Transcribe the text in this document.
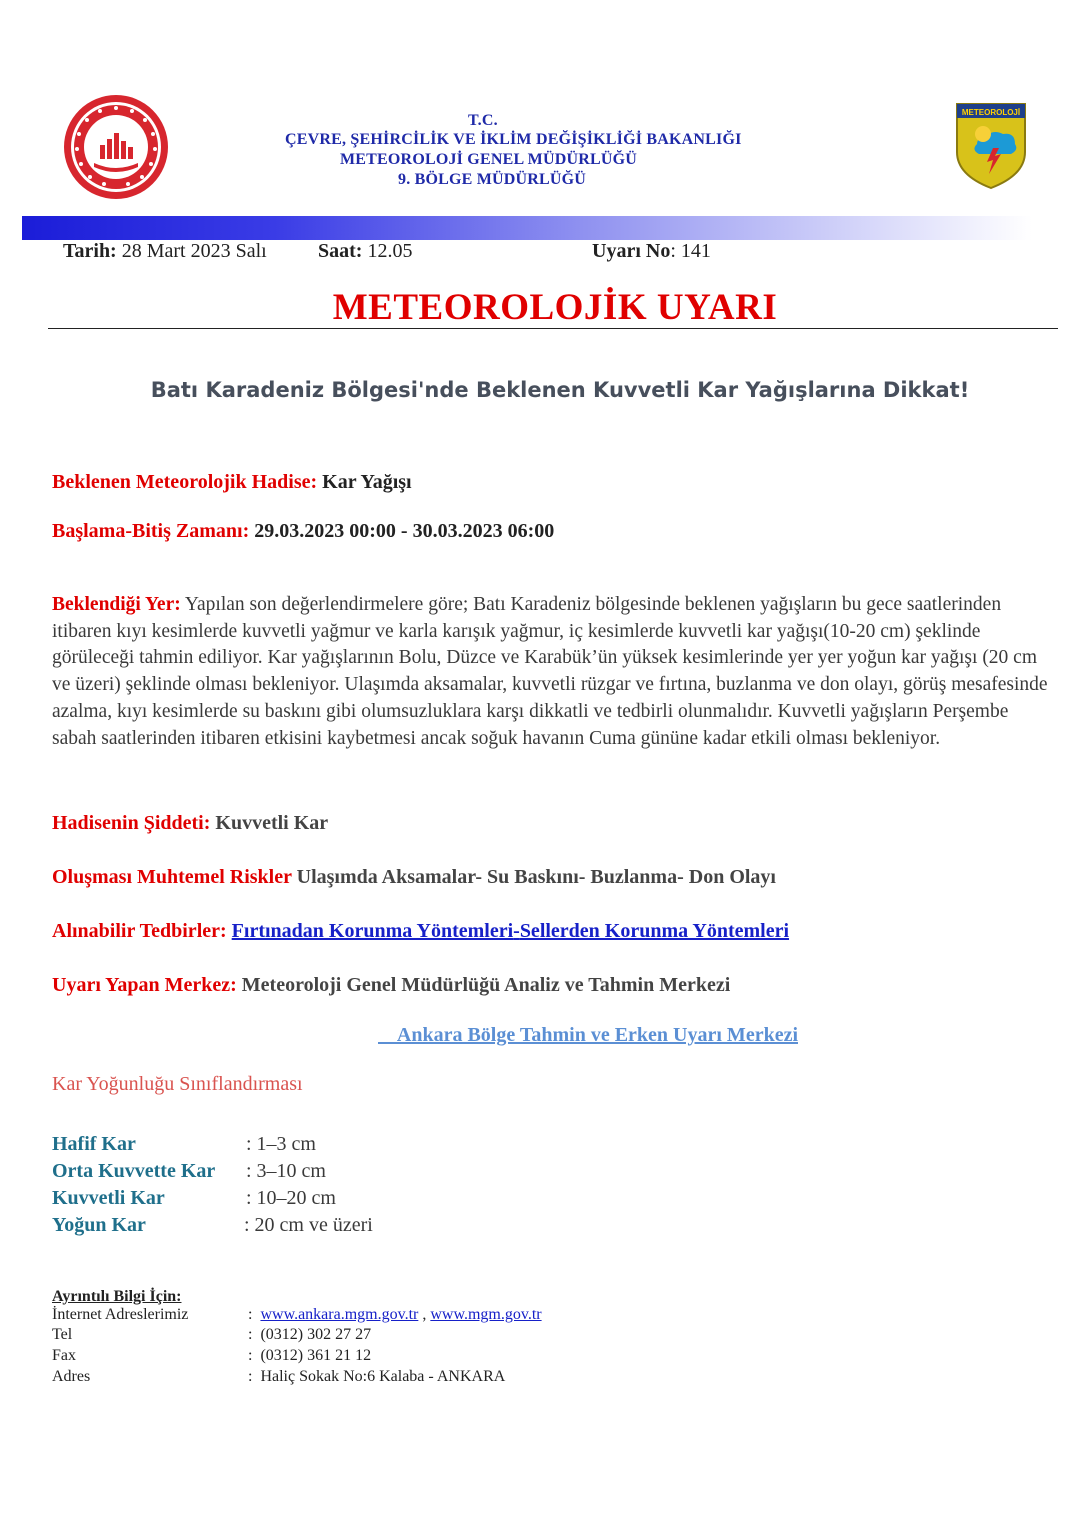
T.C.
ÇEVRE, ŞEHİRCİLİK VE İKLİM DEĞİŞİKLİĞİ BAKANLIĞI
METEOROLOJİ GENEL MÜDÜRLÜĞÜ
9. BÖLGE MÜDÜRLÜĞÜ
METEOROLOJİ
Tarih: 28 Mart 2023 Salı	Saat: 12.05	Uyarı No: 141
METEOROLOJİK UYARI
Batı Karadeniz Bölgesi'nde Beklenen Kuvvetli Kar Yağışlarına Dikkat!
Beklenen Meteorolojik Hadise: Kar Yağışı
Başlama-Bitiş Zamanı: 29.03.2023 00:00 - 30.03.2023 06:00
Beklendiği Yer: Yapılan son değerlendirmelere göre; Batı Karadeniz bölgesinde beklenen yağışların bu gece saatlerinden itibaren kıyı kesimlerde kuvvetli yağmur ve karla karışık yağmur, iç kesimlerde kuvvetli kar yağışı(10-20 cm) şeklinde görüleceği tahmin ediliyor. Kar yağışlarının Bolu, Düzce ve Karabük’ün yüksek kesimlerinde yer yer yoğun kar yağışı (20 cm ve üzeri) şeklinde olması bekleniyor. Ulaşımda aksamalar, kuvvetli rüzgar ve fırtına, buzlanma ve don olayı, görüş mesafesinde azalma, kıyı kesimlerde su baskını gibi olumsuzluklara karşı dikkatli ve tedbirli olunmalıdır. Kuvvetli yağışların Perşembe sabah saatlerinden itibaren etkisini kaybetmesi ancak soğuk havanın Cuma gününe kadar etkili olması bekleniyor.
Hadisenin Şiddeti: Kuvvetli Kar
Oluşması Muhtemel Riskler Ulaşımda Aksamalar- Su Baskını- Buzlanma- Don Olayı
Alınabilir Tedbirler: Fırtınadan Korunma Yöntemleri-Sellerden Korunma Yöntemleri
Uyarı Yapan Merkez: Meteoroloji Genel Müdürlüğü Analiz ve Tahmin Merkezi
Ankara Bölge Tahmin ve Erken Uyarı Merkezi
Kar Yoğunluğu Sınıflandırması
Hafif Kar	: 1–3 cm
Orta Kuvvette Kar : 3–10 cm
Kuvvetli Kar	: 10–20 cm
Yoğun Kar	: 20 cm ve üzeri
Ayrıntılı Bilgi İçin:
İnternet Adreslerimiz	: www.ankara.mgm.gov.tr , www.mgm.gov.tr
Tel	:  (0312) 302 27 27
Fax	:  (0312) 361 21 12
Adres	:  Haliç Sokak No:6 Kalaba - ANKARA
